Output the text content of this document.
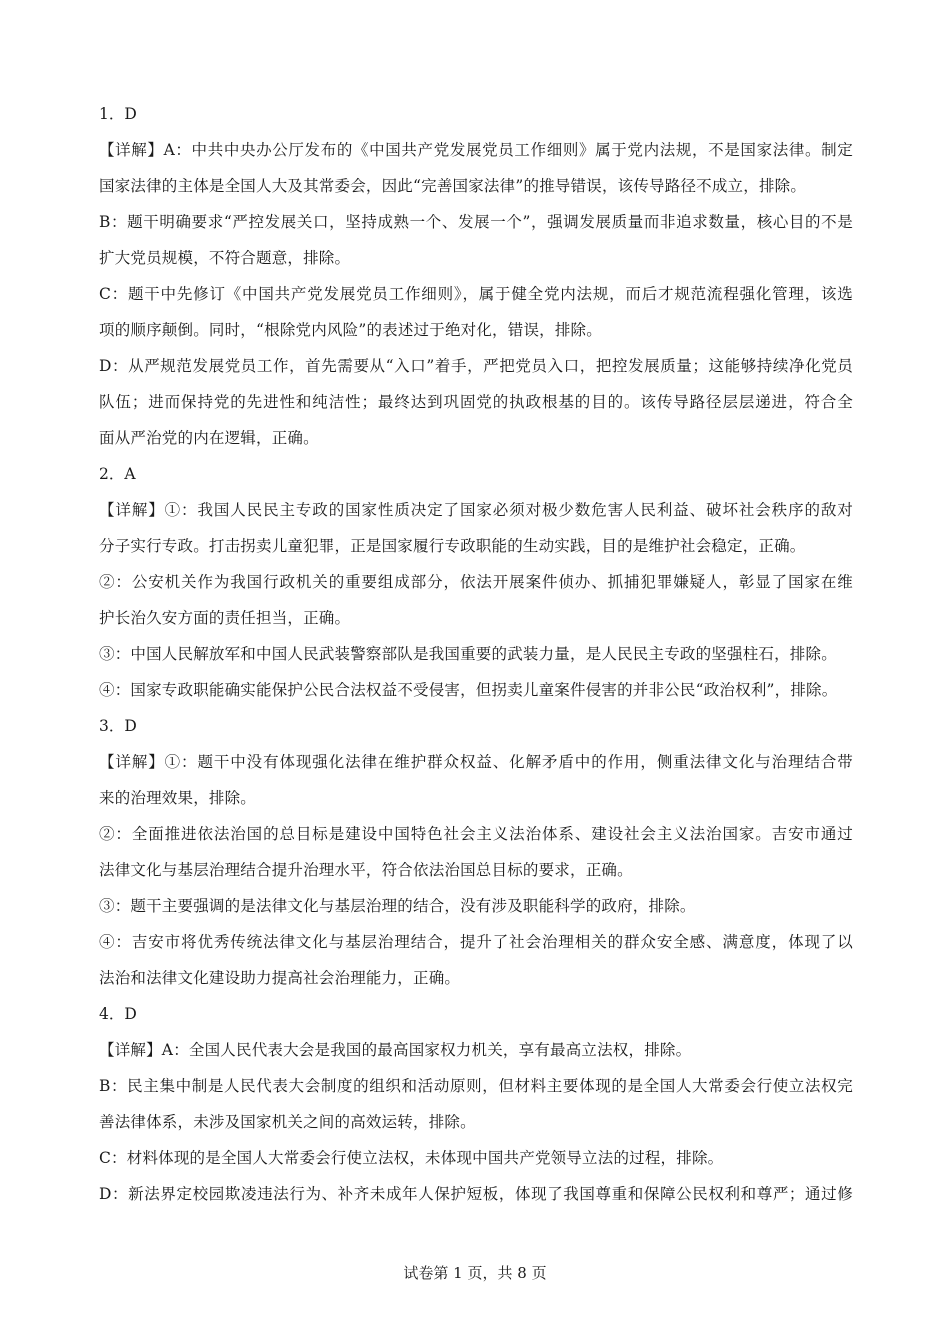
1．D
【详解】A：中共中央办公厅发布的《中国共产党发展党员工作细则》属于党内法规，不是国家法律。制定
国家法律的主体是全国人大及其常委会，因此“完善国家法律”的推导错误，该传导路径不成立，排除。
B：题干明确要求“严控发展关口，坚持成熟一个、发展一个”，强调发展质量而非追求数量，核心目的不是
扩大党员规模，不符合题意，排除。
C：题干中先修订《中国共产党发展党员工作细则》，属于健全党内法规，而后才规范流程强化管理，该选
项的顺序颠倒。同时，“根除党内风险”的表述过于绝对化，错误，排除。
D：从严规范发展党员工作，首先需要从“入口”着手，严把党员入口，把控发展质量；这能够持续净化党员
队伍；进而保持党的先进性和纯洁性；最终达到巩固党的执政根基的目的。该传导路径层层递进，符合全
面从严治党的内在逻辑，正确。
2．A
【详解】①：我国人民民主专政的国家性质决定了国家必须对极少数危害人民利益、破坏社会秩序的敌对
分子实行专政。打击拐卖儿童犯罪，正是国家履行专政职能的生动实践，目的是维护社会稳定，正确。
②：公安机关作为我国行政机关的重要组成部分，依法开展案件侦办、抓捕犯罪嫌疑人，彰显了国家在维
护长治久安方面的责任担当，正确。
③：中国人民解放军和中国人民武装警察部队是我国重要的武装力量，是人民民主专政的坚强柱石，排除。
④：国家专政职能确实能保护公民合法权益不受侵害，但拐卖儿童案件侵害的并非公民“政治权利”，排除。
3．D
【详解】①：题干中没有体现强化法律在维护群众权益、化解矛盾中的作用，侧重法律文化与治理结合带
来的治理效果，排除。
②：全面推进依法治国的总目标是建设中国特色社会主义法治体系、建设社会主义法治国家。吉安市通过
法律文化与基层治理结合提升治理水平，符合依法治国总目标的要求，正确。
③：题干主要强调的是法律文化与基层治理的结合，没有涉及职能科学的政府，排除。
④：吉安市将优秀传统法律文化与基层治理结合，提升了社会治理相关的群众安全感、满意度，体现了以
法治和法律文化建设助力提高社会治理能力，正确。
4．D
【详解】A：全国人民代表大会是我国的最高国家权力机关，享有最高立法权，排除。
B：民主集中制是人民代表大会制度的组织和活动原则，但材料主要体现的是全国人大常委会行使立法权完
善法律体系，未涉及国家机关之间的高效运转，排除。
C：材料体现的是全国人大常委会行使立法权，未体现中国共产党领导立法的过程，排除。
D：新法界定校园欺凌违法行为、补齐未成年人保护短板，体现了我国尊重和保障公民权利和尊严；通过修
试卷第 1 页，共 8 页
